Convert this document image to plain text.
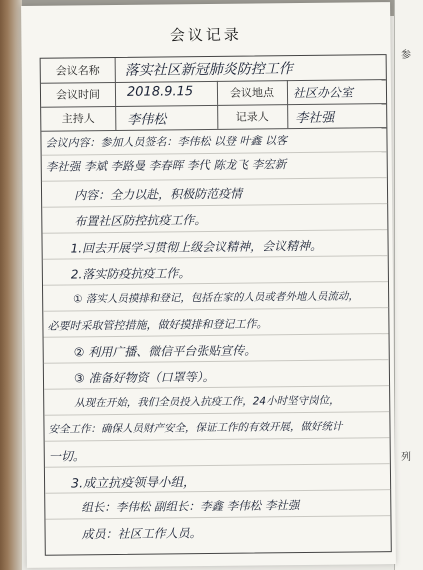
参
列
会议记录
会议名称	落实社区新冠肺炎防控工作
会议时间	2018.9.15	会议地点	社区办公室
主持人	李伟松	记录人	李社强
会议内容：参加人员签名：李伟松 以登 叶鑫 以客
李社强 李斌 李路曼 李春晖 李代 陈龙飞 李宏新
内容：全力以赴，积极防范疫情
布置社区防控抗疫工作。
1.回去开展学习贯彻上级会议精神，会议精神。
2.落实防疫抗疫工作。
① 落实人员摸排和登记，包括在家的人员或者外地人员流动，
必要时采取管控措施，做好摸排和登记工作。
② 利用广播、微信平台张贴宣传。
③ 准备好物资（口罩等）。
从现在开始，我们全员投入抗疫工作，24小时坚守岗位，
安全工作：确保人员财产安全，保证工作的有效开展，做好统计
一切。
3.成立抗疫领导小组，
组长：李伟松 副组长：李鑫 李伟松 李社强
成员：社区工作人员。
